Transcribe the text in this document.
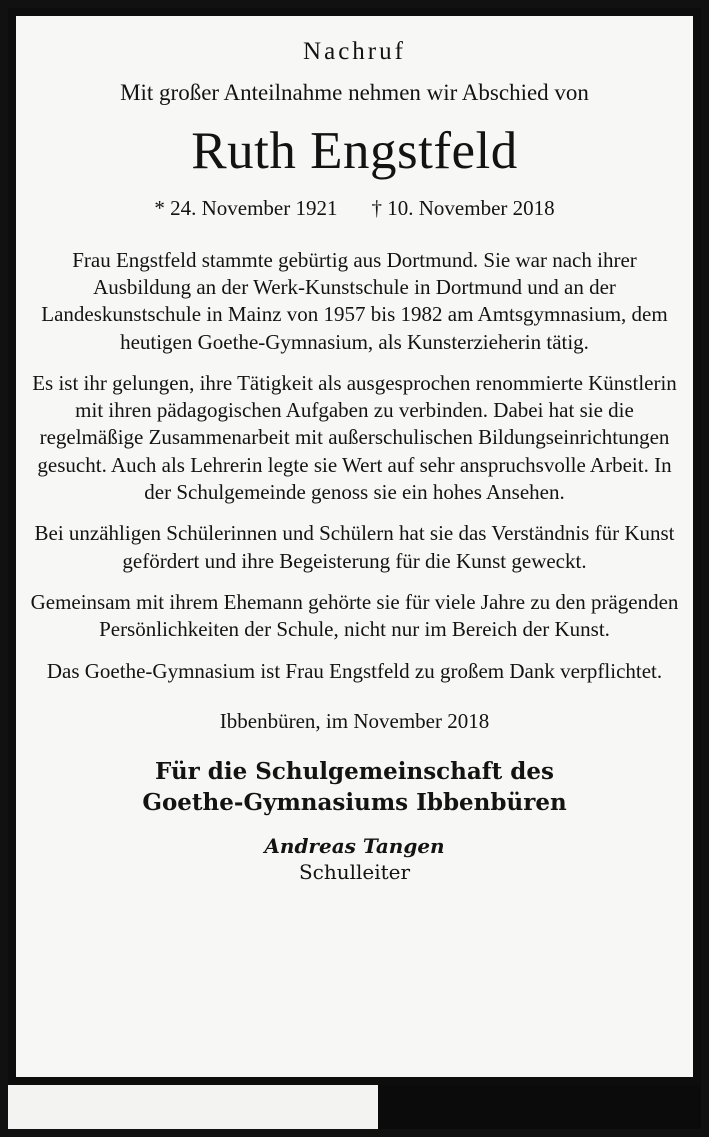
Nachruf
Mit großer Anteilnahme nehmen wir Abschied von
Ruth Engstfeld
* 24. November 1921 † 10. November 2018

Frau Engstfeld stammte gebürtig aus Dortmund. Sie war nach ihrer Ausbildung an der Werk-Kunstschule in Dortmund und an der Landeskunstschule in Mainz von 1957 bis 1982 am Amtsgymnasium, dem heutigen Goethe-Gymnasium, als Kunsterzieherin tätig.

Es ist ihr gelungen, ihre Tätigkeit als ausgesprochen renommierte Künstlerin mit ihren pädagogischen Aufgaben zu verbinden. Dabei hat sie die regelmäßige Zusammenarbeit mit außerschulischen Bildungseinrichtungen gesucht. Auch als Lehrerin legte sie Wert auf sehr anspruchsvolle Arbeit. In der Schulgemeinde genoss sie ein hohes Ansehen.

Bei unzähligen Schülerinnen und Schülern hat sie das Verständnis für Kunst gefördert und ihre Begeisterung für die Kunst geweckt.

Gemeinsam mit ihrem Ehemann gehörte sie für viele Jahre zu den prägenden Persönlichkeiten der Schule, nicht nur im Bereich der Kunst.

Das Goethe-Gymnasium ist Frau Engstfeld zu großem Dank verpflichtet.

Ibbenbüren, im November 2018
Für die Schulgemeinschaft des
Goethe-Gymnasiums Ibbenbüren
Andreas Tangen
Schulleiter
